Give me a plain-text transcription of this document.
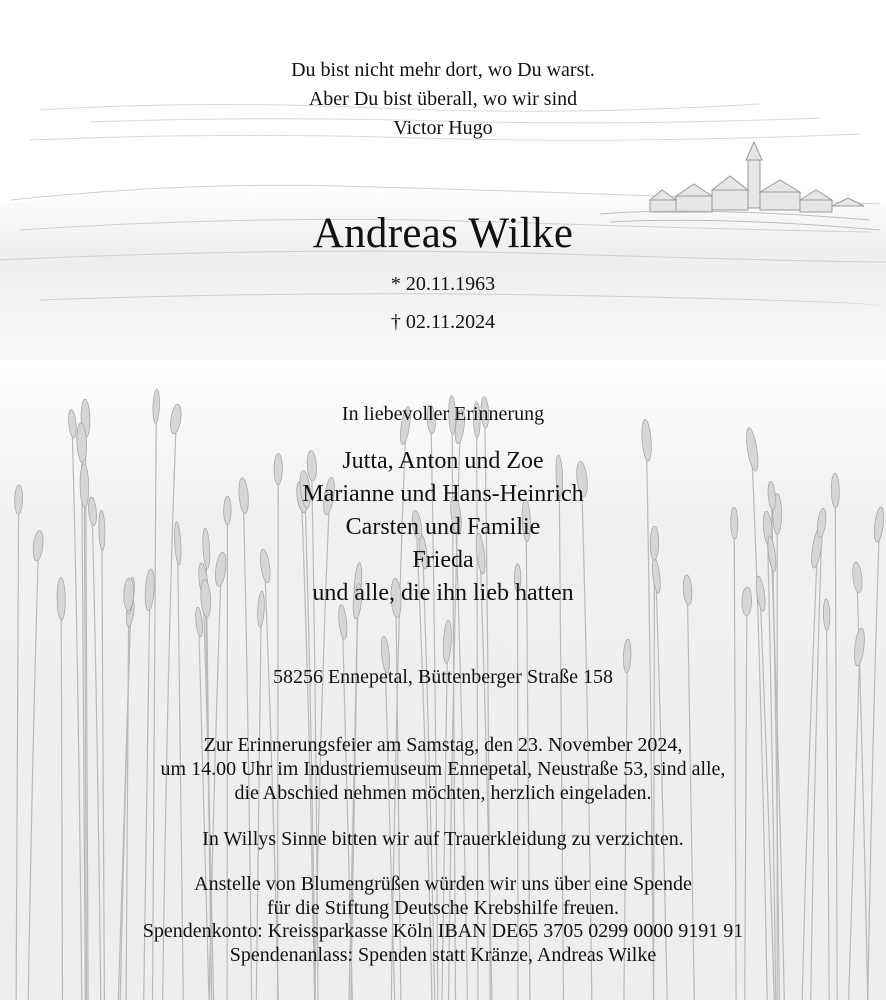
Du bist nicht mehr dort, wo Du warst.
Aber Du bist überall, wo wir sind
Victor Hugo
Andreas Wilke
* 20.11.1963
† 02.11.2024
In liebevoller Erinnerung
Jutta, Anton und Zoe
Marianne und Hans-Heinrich
Carsten und Familie
Frieda
und alle, die ihn lieb hatten
58256 Ennepetal, Büttenberger Straße 158
Zur Erinnerungsfeier am Samstag, den 23. November 2024,
um 14.00 Uhr im Industriemuseum Ennepetal, Neustraße 53, sind alle,
die Abschied nehmen möchten, herzlich eingeladen.
In Willys Sinne bitten wir auf Trauerkleidung zu verzichten.
Anstelle von Blumengrüßen würden wir uns über eine Spende
für die Stiftung Deutsche Krebshilfe freuen.
Spendenkonto: Kreissparkasse Köln IBAN DE65 3705 0299 0000 9191 91
Spendenanlass: Spenden statt Kränze, Andreas Wilke
